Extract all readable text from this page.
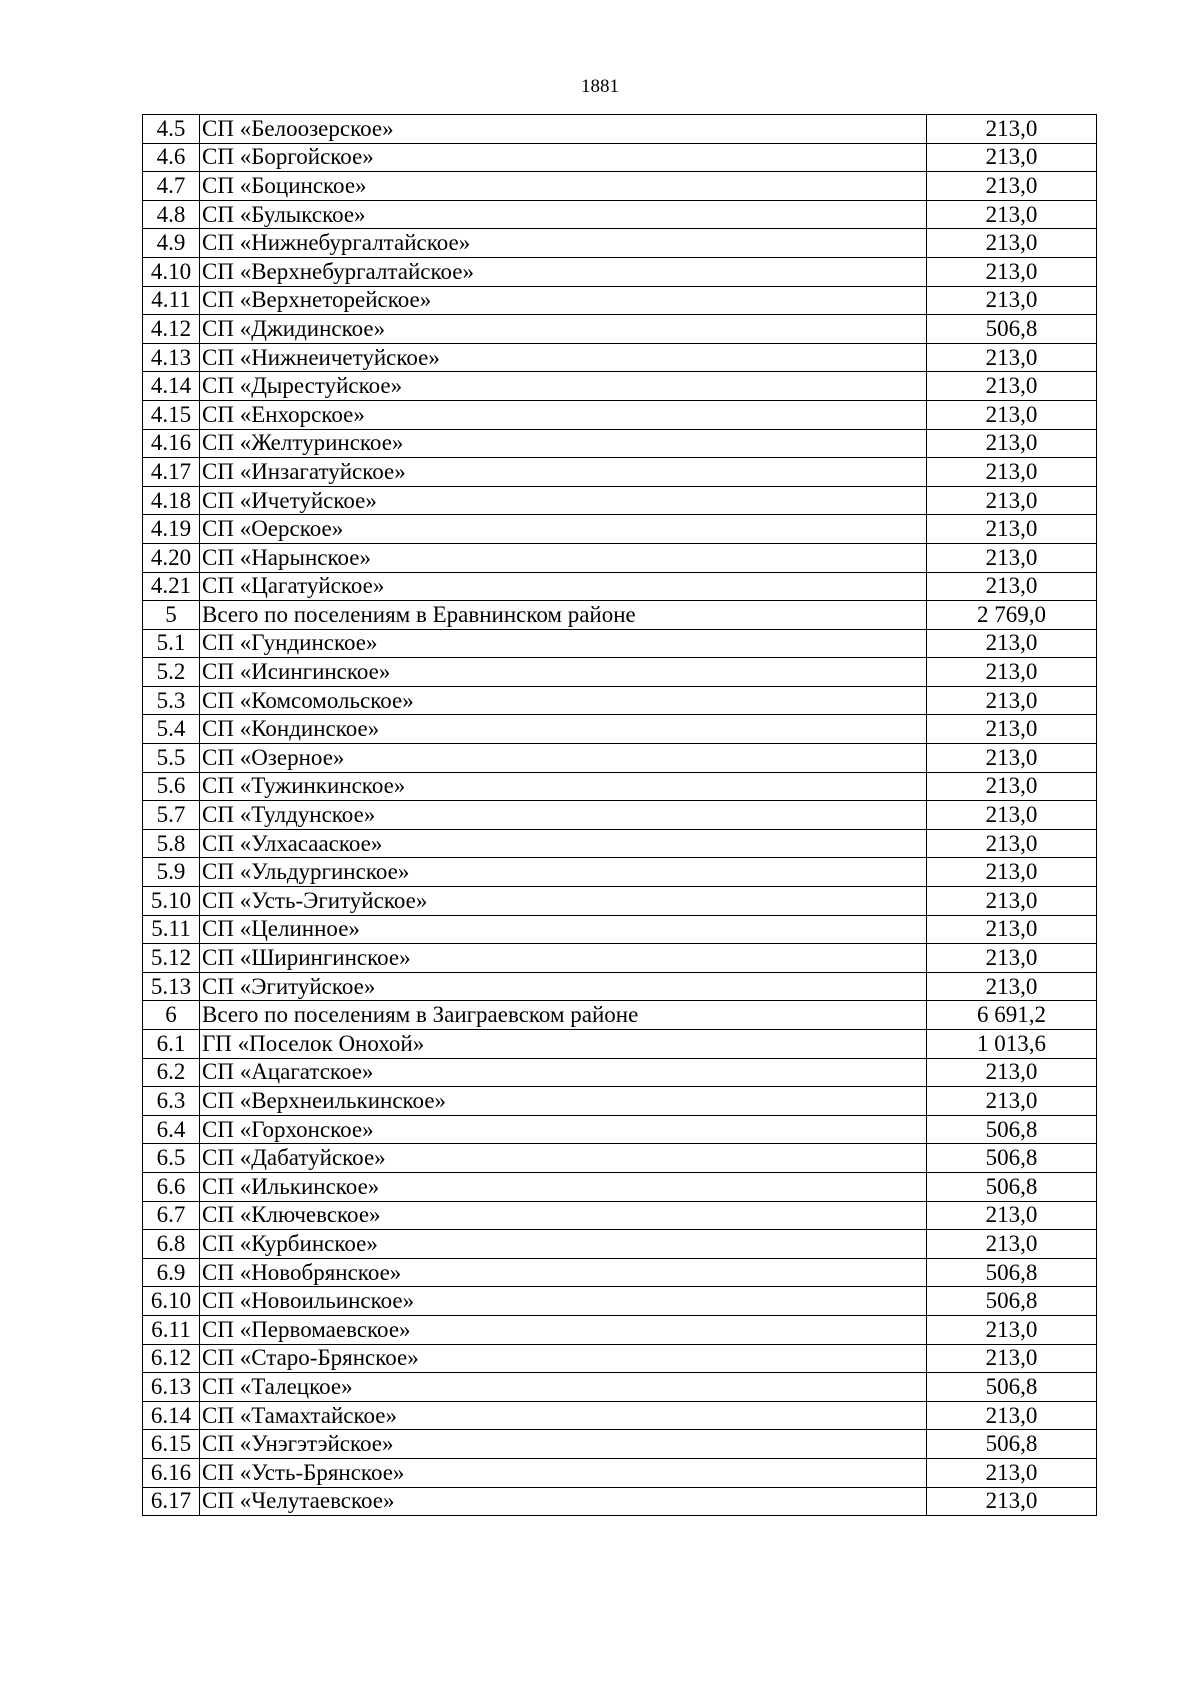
1881
4.5	СП «Белоозерское»	213,0
4.6	СП «Боргойское»	213,0
4.7	СП «Боцинское»	213,0
4.8	СП «Булыкское»	213,0
4.9	СП «Нижнебургалтайское»	213,0
4.10	СП «Верхнебургалтайское»	213,0
4.11	СП «Верхнеторейское»	213,0
4.12	СП «Джидинское»	506,8
4.13	СП «Нижнеичетуйское»	213,0
4.14	СП «Дырестуйское»	213,0
4.15	СП «Енхорское»	213,0
4.16	СП «Желтуринское»	213,0
4.17	СП «Инзагатуйское»	213,0
4.18	СП «Ичетуйское»	213,0
4.19	СП «Оерское»	213,0
4.20	СП «Нарынское»	213,0
4.21	СП «Цагатуйское»	213,0
5	Всего по поселениям в Еравнинском районе	2 769,0
5.1	СП «Гундинское»	213,0
5.2	СП «Исингинское»	213,0
5.3	СП «Комсомольское»	213,0
5.4	СП «Кондинское»	213,0
5.5	СП «Озерное»	213,0
5.6	СП «Тужинкинское»	213,0
5.7	СП «Тулдунское»	213,0
5.8	СП «Улхасаaское»	213,0
5.9	СП «Ульдургинское»	213,0
5.10	СП «Усть-Эгитуйское»	213,0
5.11	СП «Целинное»	213,0
5.12	СП «Ширингинское»	213,0
5.13	СП «Эгитуйское»	213,0
6	Всего по поселениям в Заиграевском районе	6 691,2
6.1	ГП «Поселок Онохой»	1 013,6
6.2	СП «Ацагатское»	213,0
6.3	СП «Верхнеилькинское»	213,0
6.4	СП «Горхонское»	506,8
6.5	СП «Дабатуйское»	506,8
6.6	СП «Илькинское»	506,8
6.7	СП «Ключевское»	213,0
6.8	СП «Курбинское»	213,0
6.9	СП «Новобрянское»	506,8
6.10	СП «Новоильинское»	506,8
6.11	СП «Первомаевское»	213,0
6.12	СП «Старо-Брянское»	213,0
6.13	СП «Талецкое»	506,8
6.14	СП «Тамахтайское»	213,0
6.15	СП «Унэгэтэйское»	506,8
6.16	СП «Усть-Брянское»	213,0
6.17	СП «Челутаевское»	213,0
